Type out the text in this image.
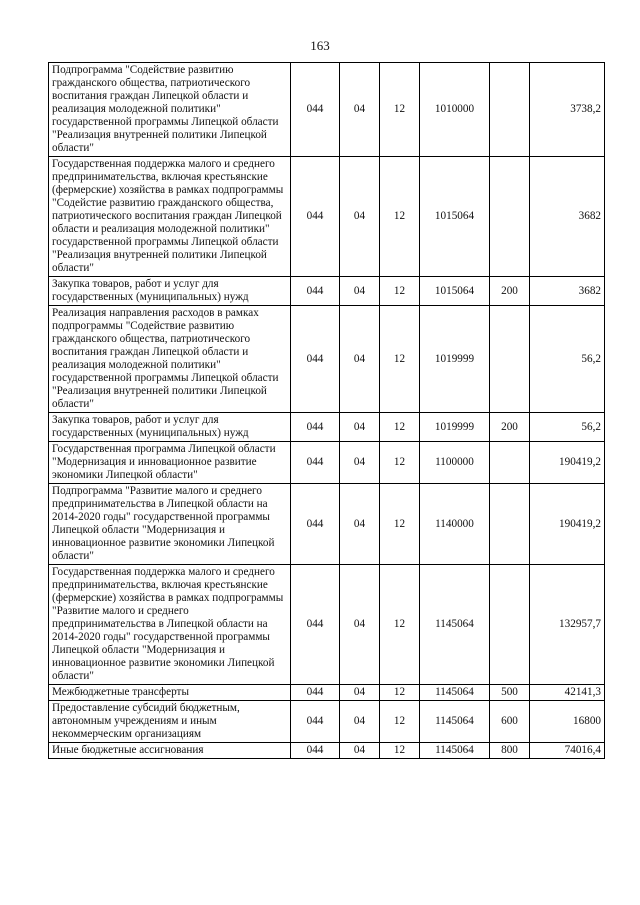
163
Подпрограмма "Содействие развитию гражданского общества, патриотического воспитания граждан Липецкой области и реализация молодежной политики" государственной программы Липецкой области "Реализация внутренней политики Липецкой области"	044	04	12	1010000		3738,2
Государственная поддержка малого и среднего предпринимательства, включая крестьянские (фермерские) хозяйства в рамках подпрограммы "Содейстие развитию гражданского общества, патриотического воспитания граждан Липецкой области и реализация молодежной политики" государственной программы Липецкой области "Реализация внутренней политики Липецкой области"	044	04	12	1015064		3682
Закупка товаров, работ и услуг для государственных (муниципальных) нужд	044	04	12	1015064	200	3682
Реализация направления расходов в рамках подпрограммы "Содействие развитию гражданского общества, патриотического воспитания граждан Липецкой области и реализация молодежной политики" государственной программы Липецкой области "Реализация внутренней политики Липецкой области"	044	04	12	1019999		56,2
Закупка товаров, работ и услуг для государственных (муниципальных) нужд	044	04	12	1019999	200	56,2
Государственная программа Липецкой области "Модернизация и инновационное развитие экономики Липецкой области"	044	04	12	1100000		190419,2
Подпрограмма "Развитие малого и среднего предпринимательства в Липецкой области на 2014-2020 годы" государственной программы Липецкой области "Модернизация и инновационное развитие экономики Липецкой области"	044	04	12	1140000		190419,2
Государственная поддержка малого и среднего предпринимательства, включая крестьянские (фермерские) хозяйства в рамках подпрограммы "Развитие малого и среднего предпринимательства в Липецкой области на 2014-2020 годы" государственной программы Липецкой области "Модернизация и инновационное развитие экономики Липецкой области"	044	04	12	1145064		132957,7
Межбюджетные трансферты	044	04	12	1145064	500	42141,3
Предоставление субсидий бюджетным, автономным учреждениям и иным некоммерческим организациям	044	04	12	1145064	600	16800
Иные бюджетные ассигнования	044	04	12	1145064	800	74016,4
